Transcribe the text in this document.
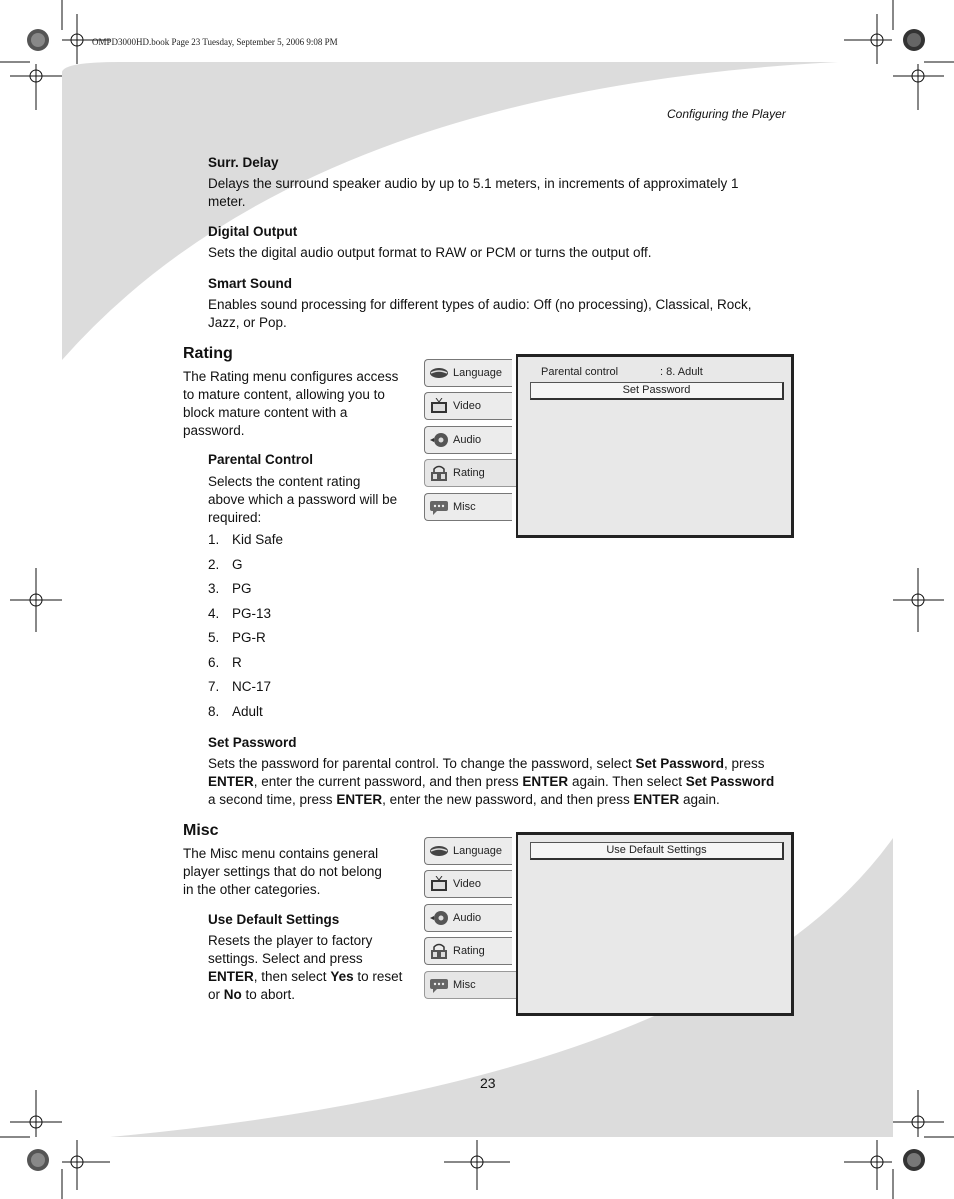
OMPD3000HD.book Page 23 Tuesday, September 5, 2006 9:08 PM
Configuring the Player
Surr. Delay
Delays the surround speaker audio by up to 5.1 meters, in increments of approximately 1
meter.
Digital Output
Sets the digital audio output format to RAW or PCM or turns the output off.
Smart Sound
Enables sound processing for different types of audio: Off (no processing), Classical, Rock,
Jazz, or Pop.
Rating
The Rating menu configures access
to mature content, allowing you to
block mature content with a
password.
Parental Control
Selects the content rating
above which a password will be
required:
1. Kid Safe
2. G
3. PG
4. PG-13
5. PG-R
6. R
7. NC-17
8. Adult
Set Password
Sets the password for parental control. To change the password, select Set Password, press
ENTER, enter the current password, and then press ENTER again. Then select Set Password
a second time, press ENTER, enter the new password, and then press ENTER again.
Misc
The Misc menu contains general
player settings that do not belong
in the other categories.
Use Default Settings
Resets the player to factory
settings. Select and press
ENTER, then select Yes to reset
or No to abort.
Language
Video
Audio
Rating
Misc
Parental control	: 8. Adult
Set Password
Language
Video
Audio
Rating
Misc
Use Default Settings
23
